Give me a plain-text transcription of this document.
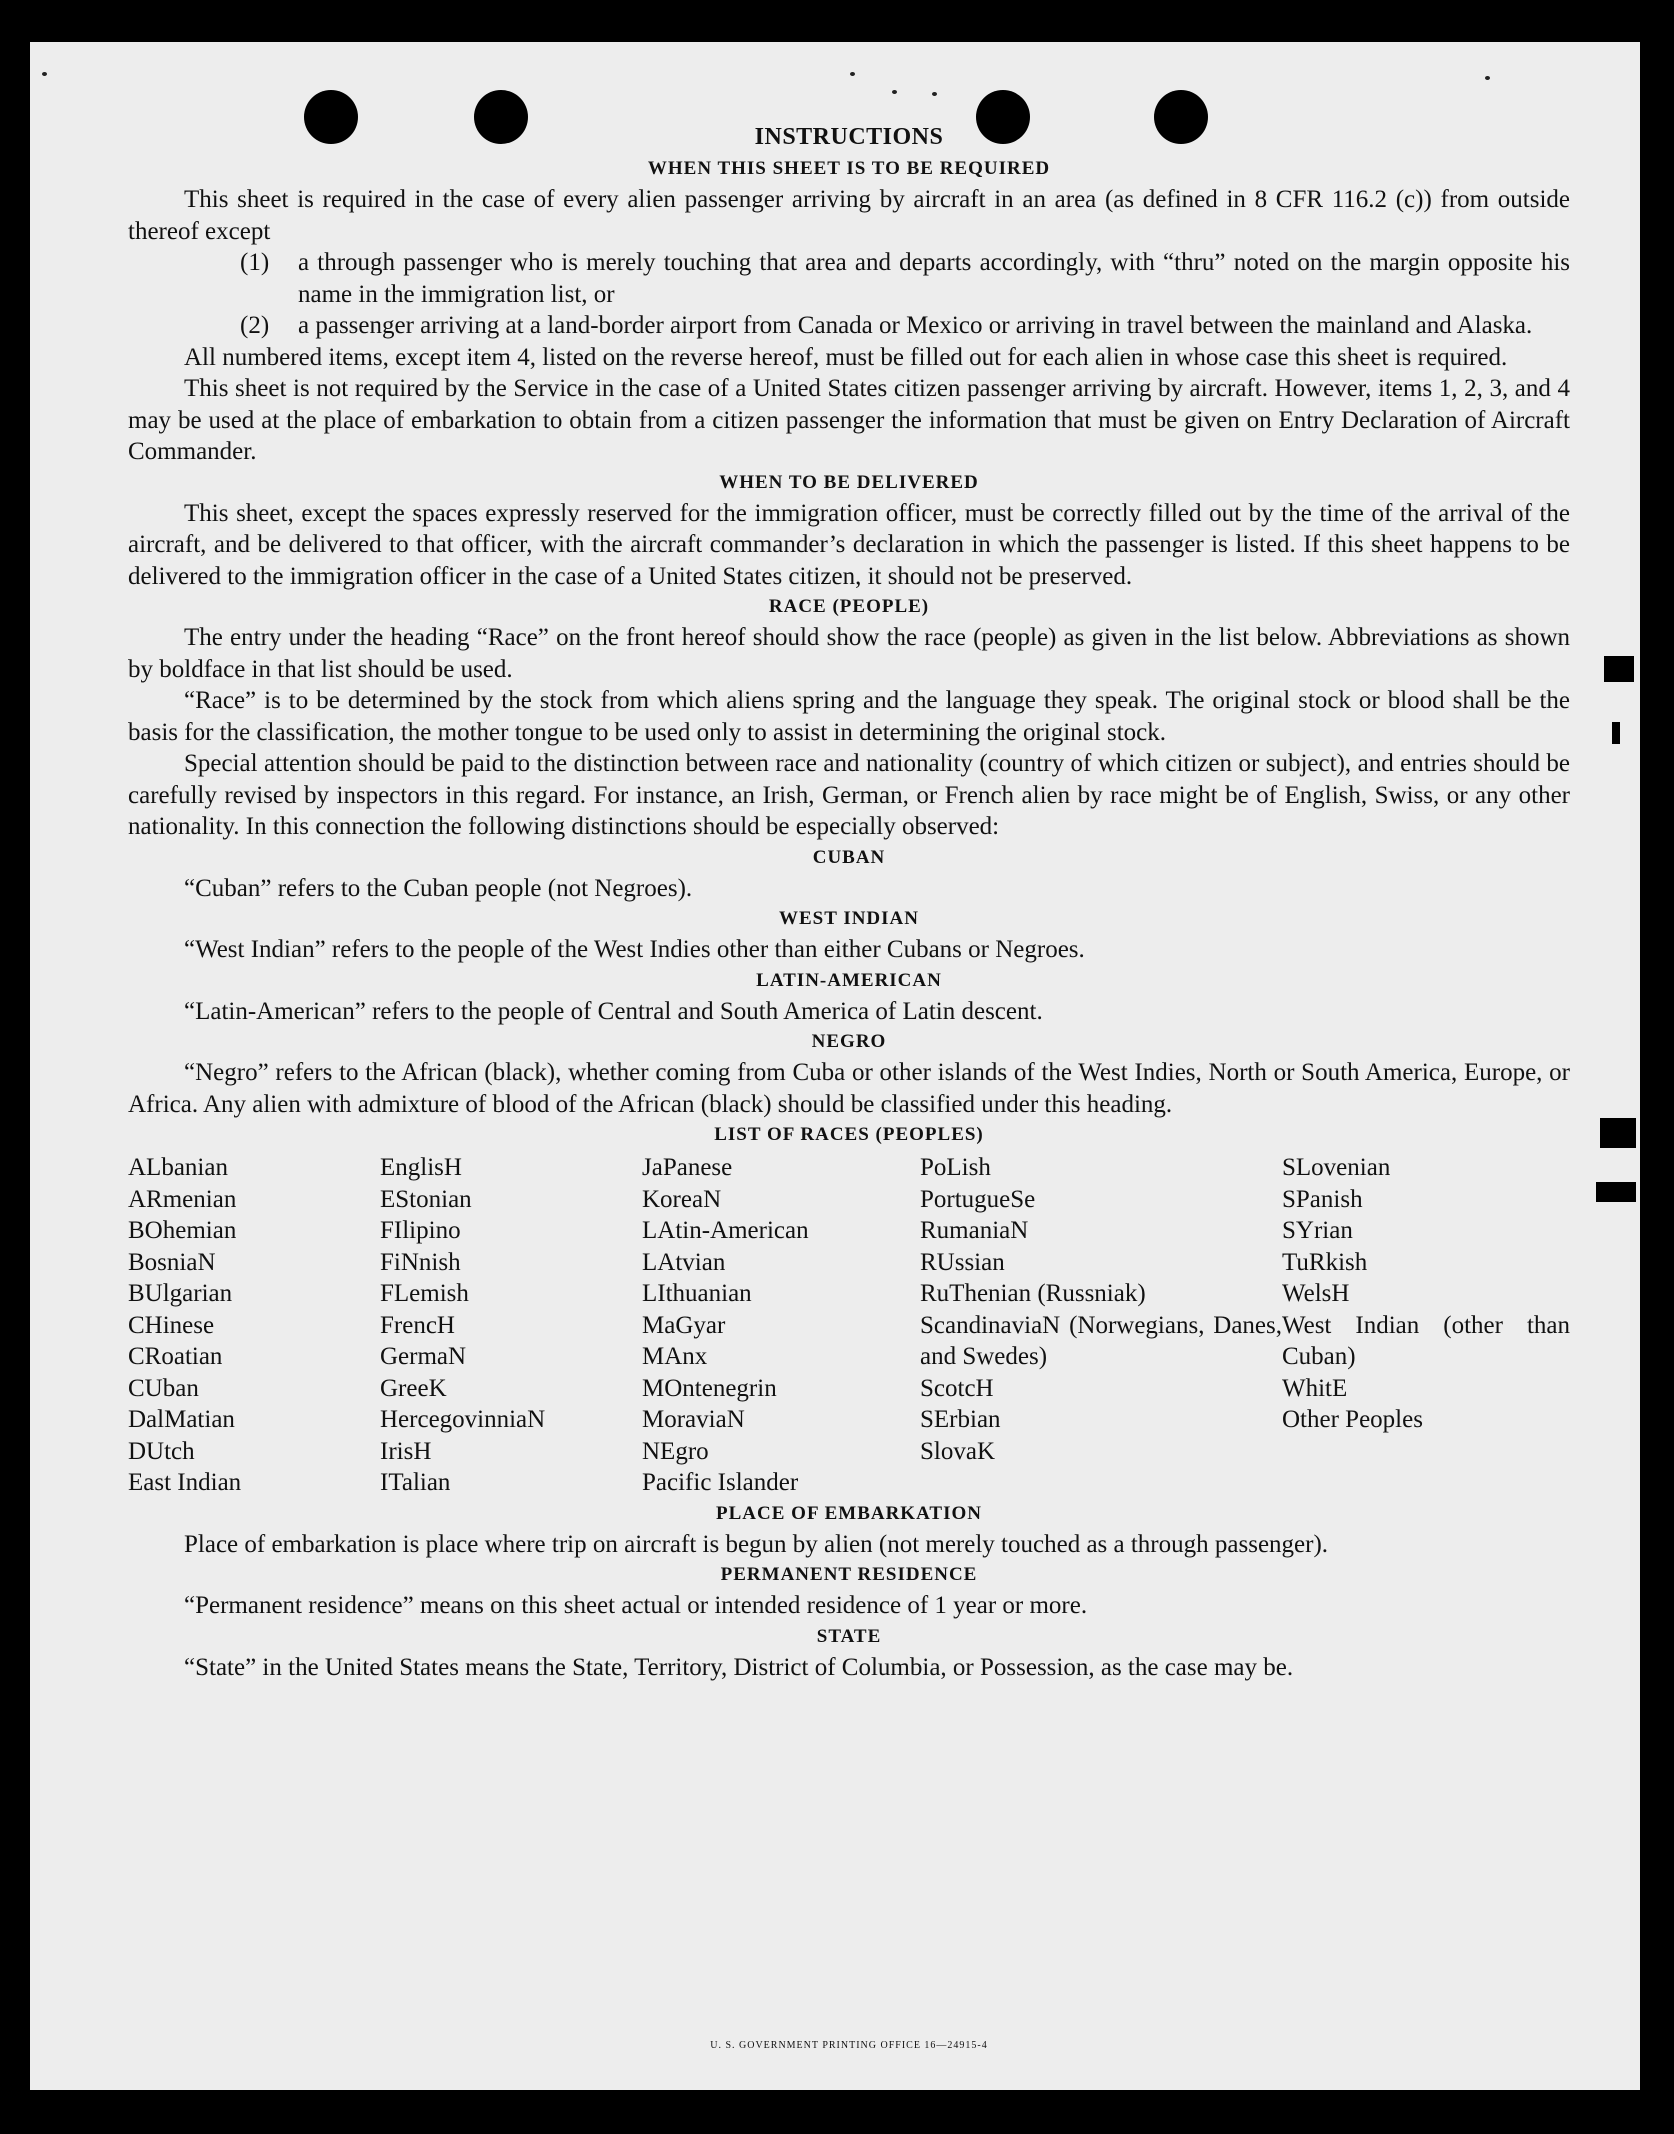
INSTRUCTIONS
WHEN THIS SHEET IS TO BE REQUIRED

This sheet is required in the case of every alien passenger arriving by aircraft in an area (as defined in 8 CFR 116.2 (c)) from outside thereof except

(1)	a through passenger who is merely touching that area and departs accordingly, with “thru” noted on the margin opposite his name in the immigration list, or
(2)	a passenger arriving at a land-border airport from Canada or Mexico or arriving in travel between the mainland and Alaska.

All numbered items, except item 4, listed on the reverse hereof, must be filled out for each alien in whose case this sheet is required.

This sheet is not required by the Service in the case of a United States citizen passenger arriving by aircraft. However, items 1, 2, 3, and 4 may be used at the place of embarkation to obtain from a citizen passenger the information that must be given on Entry Declaration of Aircraft Commander.

WHEN TO BE DELIVERED

This sheet, except the spaces expressly reserved for the immigration officer, must be correctly filled out by the time of the arrival of the aircraft, and be delivered to that officer, with the aircraft commander’s declaration in which the passenger is listed. If this sheet happens to be delivered to the immigration officer in the case of a United States citizen, it should not be preserved.

RACE (PEOPLE)

The entry under the heading “Race” on the front hereof should show the race (people) as given in the list below. Abbreviations as shown by boldface in that list should be used.

“Race” is to be determined by the stock from which aliens spring and the language they speak. The original stock or blood shall be the basis for the classification, the mother tongue to be used only to assist in determining the original stock.

Special attention should be paid to the distinction between race and nationality (country of which citizen or subject), and entries should be carefully revised by inspectors in this regard. For instance, an Irish, German, or French alien by race might be of English, Swiss, or any other nationality. In this connection the following distinctions should be especially observed:

CUBAN

“Cuban” refers to the Cuban people (not Negroes).

WEST INDIAN

“West Indian” refers to the people of the West Indies other than either Cubans or Negroes.

LATIN-AMERICAN

“Latin-American” refers to the people of Central and South America of Latin descent.

NEGRO

“Negro” refers to the African (black), whether coming from Cuba or other islands of the West Indies, North or South America, Europe, or Africa. Any alien with admixture of blood of the African (black) should be classified under this heading.

LIST OF RACES (PEOPLES)
ALbanian
ARmenian
BOhemian
BosniaN
BUlgarian
CHinese
CRoatian
CUban
DalMatian
DUtch
East Indian
EnglisH
EStonian
FIlipino
FiNnish
FLemish
FrencH
GermaN
GreeK
HercegovinniaN
IrisH
ITalian
JaPanese
KoreaN
LAtin-American
LAtvian
LIthuanian
MaGyar
MAnx
MOntenegrin
MoraviaN
NEgro
Pacific Islander
PoLish
PortugueSe
RumaniaN
RUssian
RuThenian (Russniak)
ScandinaviaN (Norwegians, Danes, and Swedes)
ScotcH
SErbian
SlovaK
SLovenian
SPanish
SYrian
TuRkish
WelsH
West Indian (other than Cuban)
WhitE
Other Peoples
PLACE OF EMBARKATION

Place of embarkation is place where trip on aircraft is begun by alien (not merely touched as a through passenger).

PERMANENT RESIDENCE

“Permanent residence” means on this sheet actual or intended residence of 1 year or more.

STATE

“State” in the United States means the State, Territory, District of Columbia, or Possession, as the case may be.

U. S. GOVERNMENT PRINTING OFFICE 16—24915-4
